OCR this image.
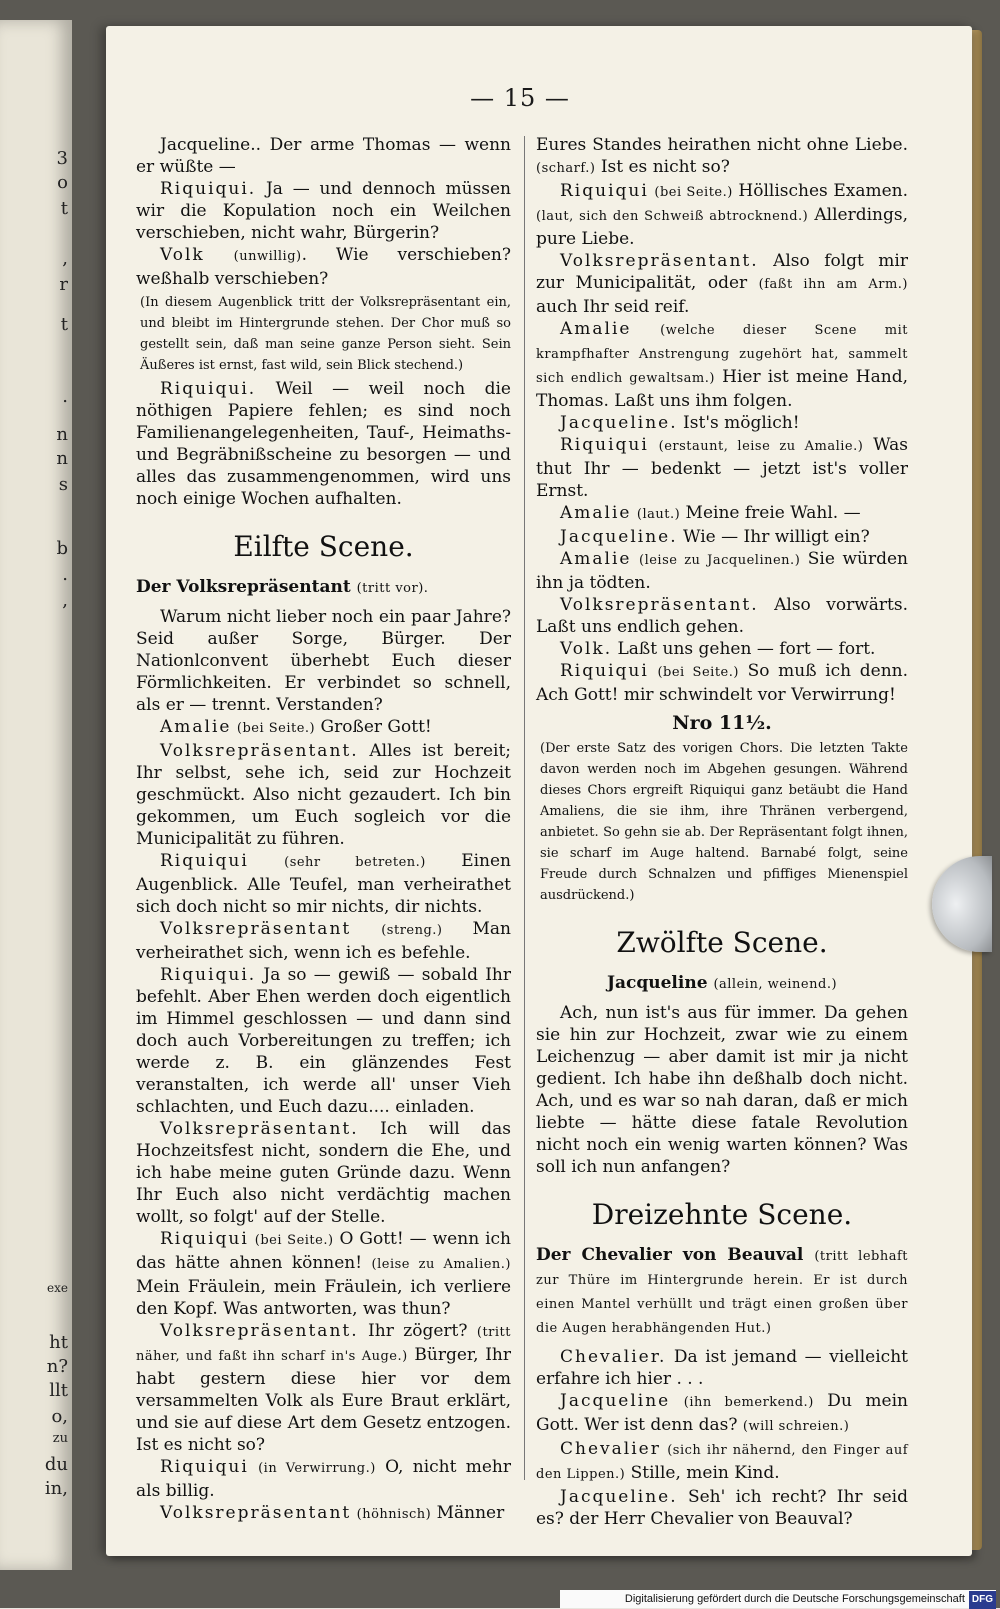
3
o
t
,
r
t
.
n
n
s
b
.
,
exe
ht
n?
llt
o,
zu
du
in,
— 15 —

Jacqueline.. Der arme Thomas — wenn er wüßte —

Riquiqui. Ja — und dennoch müssen wir die Kopulation noch ein Weilchen verschieben, nicht wahr, Bürgerin?

Volk (unwillig). Wie verschieben? weßhalb verschieben?

(In diesem Augenblick tritt der Volksrepräsentant ein, und bleibt im Hintergrunde stehen. Der Chor muß so gestellt sein, daß man seine ganze Person sieht. Sein Äußeres ist ernst, fast wild, sein Blick stechend.)

Riquiqui. Weil — weil noch die nöthigen Papiere fehlen; es sind noch Familienangelegenheiten, Tauf-, Heimaths- und Begräbnißscheine zu besorgen — und alles das zusammengenommen, wird uns noch einige Wochen aufhalten.

Eilfte Scene.

Der Volksrepräsentant (tritt vor).

Warum nicht lieber noch ein paar Jahre? Seid außer Sorge, Bürger. Der Nationlconvent überhebt Euch dieser Förmlichkeiten. Er verbindet so schnell, als er — trennt. Verstanden?

Amalie (bei Seite.) Großer Gott!

Volksrepräsentant. Alles ist bereit; Ihr selbst, sehe ich, seid zur Hochzeit geschmückt. Also nicht gezaudert. Ich bin gekommen, um Euch sogleich vor die Municipalität zu führen.

Riquiqui	(sehr betreten.) Einen Augenblick. Alle Teufel, man verheirathet sich doch nicht so mir nichts, dir nichts.

Volksrepräsentant (streng.) Man verheirathet sich, wenn ich es befehle.

Riquiqui. Ja so — gewiß — sobald Ihr befehlt. Aber Ehen werden doch eigentlich im Himmel geschlossen — und dann sind doch auch Vorbereitungen zu treffen; ich werde z. B. ein glänzendes Fest veranstalten, ich werde all' unser Vieh schlachten, und Euch dazu.... einladen.

Volksrepräsentant. Ich will das Hochzeitsfest nicht, sondern die Ehe, und ich habe meine guten Gründe dazu. Wenn Ihr Euch also nicht verdächtig machen wollt, so folgt' auf der Stelle.

Riquiqui (bei Seite.) O Gott! — wenn ich das hätte ahnen können! (leise zu Amalien.) Mein Fräulein, mein Fräulein, ich verliere den Kopf. Was antworten, was thun?

Volksrepräsentant. Ihr zögert? (tritt näher, und faßt ihn scharf in's Auge.) Bürger, Ihr habt gestern diese hier vor dem versammelten Volk als Eure Braut erklärt, und sie auf diese Art dem Gesetz entzogen. Ist es nicht so?

Riquiqui (in Verwirrung.) O, nicht mehr als billig.

Volksrepräsentant (höhnisch) Männer

Eures Standes heirathen nicht ohne Liebe. (scharf.) Ist es nicht so?

Riquiqui (bei Seite.) Höllisches Examen. (laut, sich den Schweiß abtrocknend.) Allerdings, pure Liebe.

Volksrepräsentant. Also folgt mir zur Municipalität, oder (faßt ihn am Arm.) auch Ihr seid reif.

Amalie (welche dieser Scene mit krampfhafter Anstrengung zugehört hat, sammelt sich endlich gewaltsam.) Hier ist meine Hand, Thomas. Laßt uns ihm folgen.

Jacqueline. Ist's möglich!

Riquiqui (erstaunt, leise zu Amalie.) Was thut Ihr — bedenkt — jetzt ist's voller Ernst.

Amalie (laut.) Meine freie Wahl. —

Jacqueline. Wie — Ihr willigt ein?

Amalie (leise zu Jacquelinen.) Sie würden ihn ja tödten.

Volksrepräsentant. Also vorwärts. Laßt uns endlich gehen.

Volk. Laßt uns gehen — fort — fort.

Riquiqui (bei Seite.) So muß ich denn. Ach Gott! mir schwindelt vor Verwirrung!

Nro 11½.

(Der erste Satz des vorigen Chors. Die letzten Takte davon werden noch im Abgehen gesungen. Während dieses Chors ergreift Riquiqui ganz betäubt die Hand Amaliens, die sie ihm, ihre Thränen verbergend, anbietet. So gehn sie ab. Der Repräsentant folgt ihnen, sie scharf im Auge haltend. Barnabé folgt, seine Freude durch Schnalzen und pfiffiges Mienenspiel ausdrückend.)

Zwölfte Scene.

Jacqueline (allein, weinend.)

Ach, nun ist's aus für immer. Da gehen sie hin zur Hochzeit, zwar wie zu einem Leichenzug — aber damit ist mir ja nicht gedient. Ich habe ihn deßhalb doch nicht. Ach, und es war so nah daran, daß er mich liebte — hätte diese fatale Revolution nicht noch ein wenig warten können? Was soll ich nun anfangen?

Dreizehnte Scene.

Der Chevalier von Beauval (tritt lebhaft zur Thüre im Hintergrunde herein. Er ist durch einen Mantel verhüllt und trägt einen großen über die Augen herabhängenden Hut.)

Chevalier. Da ist jemand — vielleicht erfahre ich hier . . .

Jacqueline (ihn bemerkend.) Du mein Gott. Wer ist denn das? (will schreien.)

Chevalier (sich ihr nähernd, den Finger auf den Lippen.) Stille, mein Kind.

Jacqueline. Seh' ich recht? Ihr seid es? der Herr Chevalier von Beauval?

Digitalisierung gefördert durch die Deutsche Forschungsgemeinschaft DFG
